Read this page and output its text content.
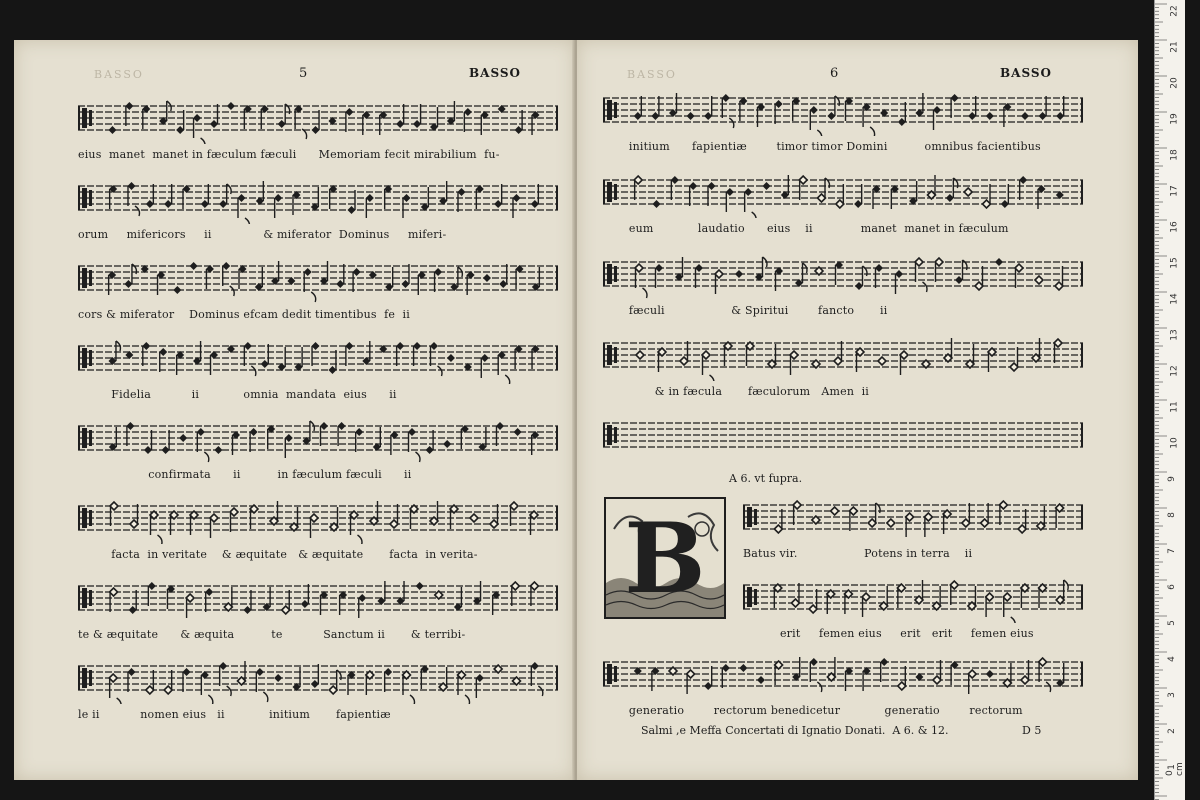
5	BASSO
BASSO
eius  manet  manet in fæculum fæculi      Memoriam fecit mirabilium  fu-
orum     mifericors     ii              & miferator  Dominus     miferi-
cors & miferator    Dominus efcam dedit timentibus  fe  ii
Fidelia           ii            omnia  mandata  eius      ii
confirmata      ii          in fæculum fæculi      ii
facta  in veritate    & æquitate   & æquitate       facta  in verita-
te & æquitate      & æquita          te           Sanctum ii       & terribi-
le ii           nomen eius   ii            initium       fapientiæ
6	BASSO
BASSO
initium      fapientiæ        timor timor Domini          omnibus facientibus
eum            laudatio      eius    ii             manet  manet in fæculum
fæculi                  & Spiritui        fancto       ii
& in fæcula       fæculorum   Amen  ii
A 6. vt fupra.
B	Batus vir.                  Potens in terra    ii
erit     femen eius     erit   erit     femen eius
generatio        rectorum benedicetur            generatio        rectorum
Salmi ,e Meffa Concertati di Ignatio Donati.  A 6. & 12.	D 5
22
21
20
19
18
17
16
15
14
13
12
11
10
9
8
7
6
5
4
3
2
1
0 cm
